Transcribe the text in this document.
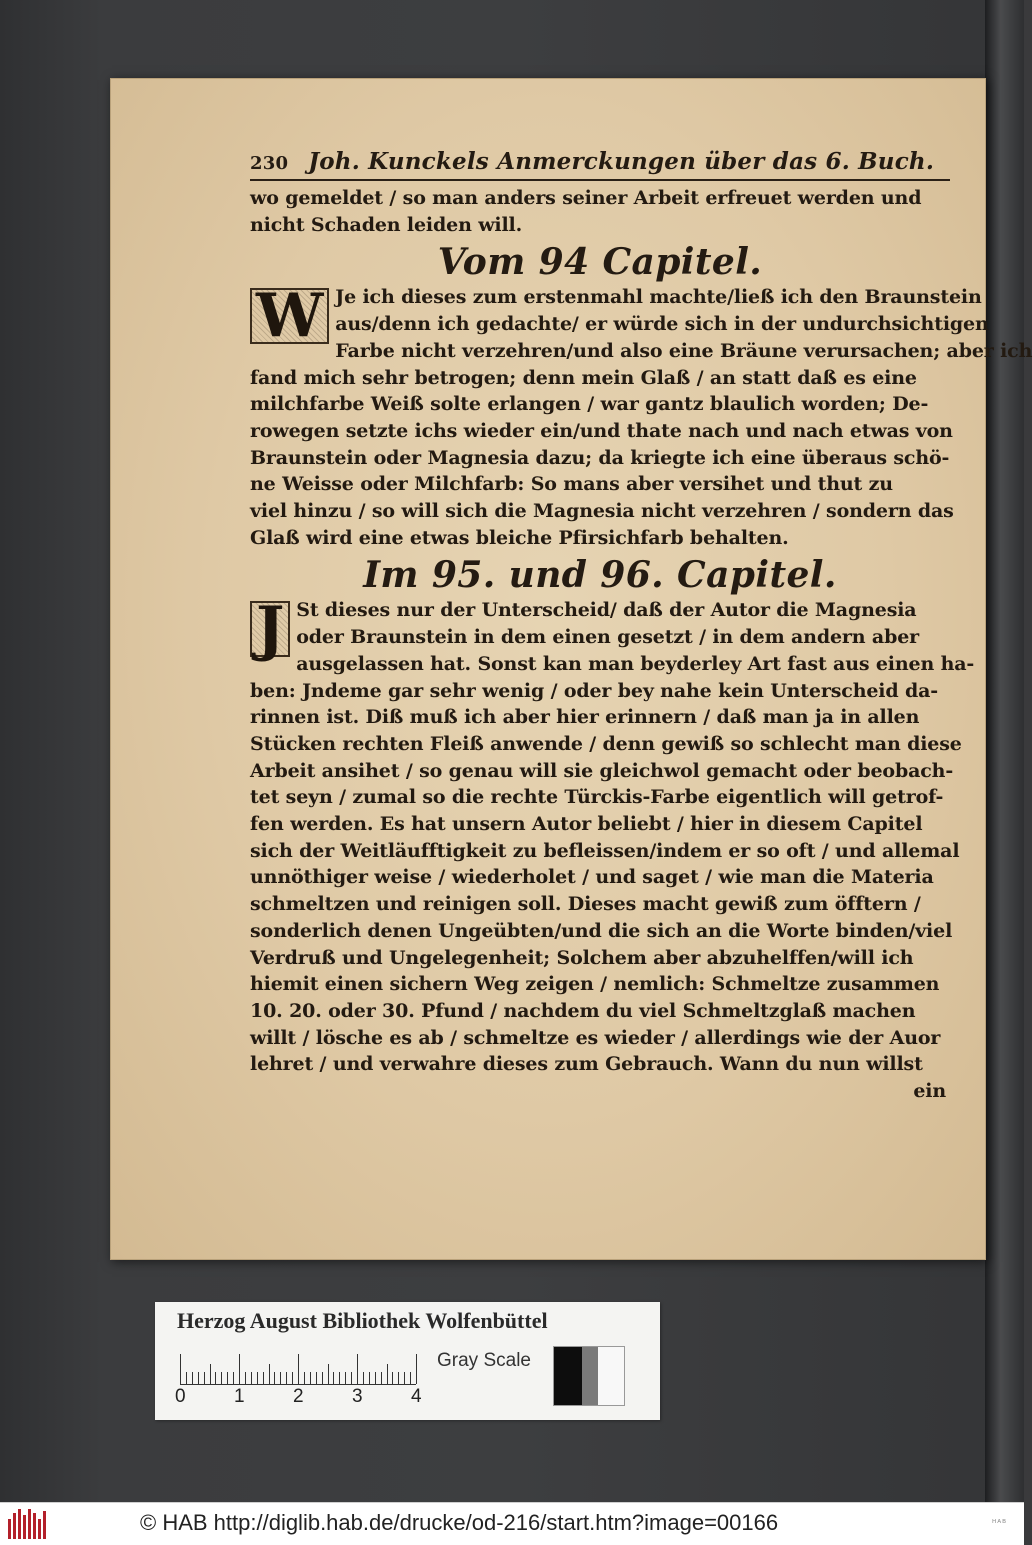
230 Joh. Kunckels Anmerckungen über das 6. Buch.
wo gemeldet / so man anders seiner Arbeit erfreuet werden und
nicht Schaden leiden will.
Vom 94 Capitel.
W Je ich dieses zum erstenmahl machte/ließ ich den Braunstein
aus/denn ich gedachte/ er würde sich in der undurchsichtigen
Farbe nicht verzehren/und also eine Bräune verursachen; aber ich
fand mich sehr betrogen; denn mein Glaß / an statt daß es eine
milchfarbe Weiß solte erlangen / war gantz blaulich worden; De-
rowegen setzte ichs wieder ein/und thate nach und nach etwas von
Braunstein oder Magnesia dazu; da kriegte ich eine überaus schö-
ne Weisse oder Milchfarb: So mans aber versihet und thut zu
viel hinzu / so will sich die Magnesia nicht verzehren / sondern das
Glaß wird eine etwas bleiche Pfirsichfarb behalten.
Im 95. und 96. Capitel.
J St dieses nur der Unterscheid/ daß der Autor die Magnesia
oder Braunstein in dem einen gesetzt / in dem andern aber
ausgelassen hat. Sonst kan man beyderley Art fast aus einen ha-
ben: Jndeme gar sehr wenig / oder bey nahe kein Unterscheid da-
rinnen ist. Diß muß ich aber hier erinnern / daß man ja in allen
Stücken rechten Fleiß anwende / denn gewiß so schlecht man diese
Arbeit ansihet / so genau will sie gleichwol gemacht oder beobach-
tet seyn / zumal so die rechte Türckis-Farbe eigentlich will getrof-
fen werden. Es hat unsern Autor beliebt / hier in diesem Capitel
sich der Weitläufftigkeit zu befleissen/indem er so oft / und allemal
unnöthiger weise / wiederholet / und saget / wie man die Materia
schmeltzen und reinigen soll. Dieses macht gewiß zum öfftern /
sonderlich denen Ungeübten/und die sich an die Worte binden/viel
Verdruß und Ungelegenheit; Solchem aber abzuhelffen/will ich
hiemit einen sichern Weg zeigen / nemlich: Schmeltze zusammen
10. 20. oder 30. Pfund / nachdem du viel Schmeltzglaß machen
willt / lösche es ab / schmeltze es wieder / allerdings wie der Auor
lehret / und verwahre dieses zum Gebrauch. Wann du nun willst
ein
Herzog August Bibliothek Wolfenbüttel
0	1	2	3	4
Gray Scale
© HAB http://diglib.hab.de/drucke/od-216/start.htm?image=00166	ᴴᴬᴮ
